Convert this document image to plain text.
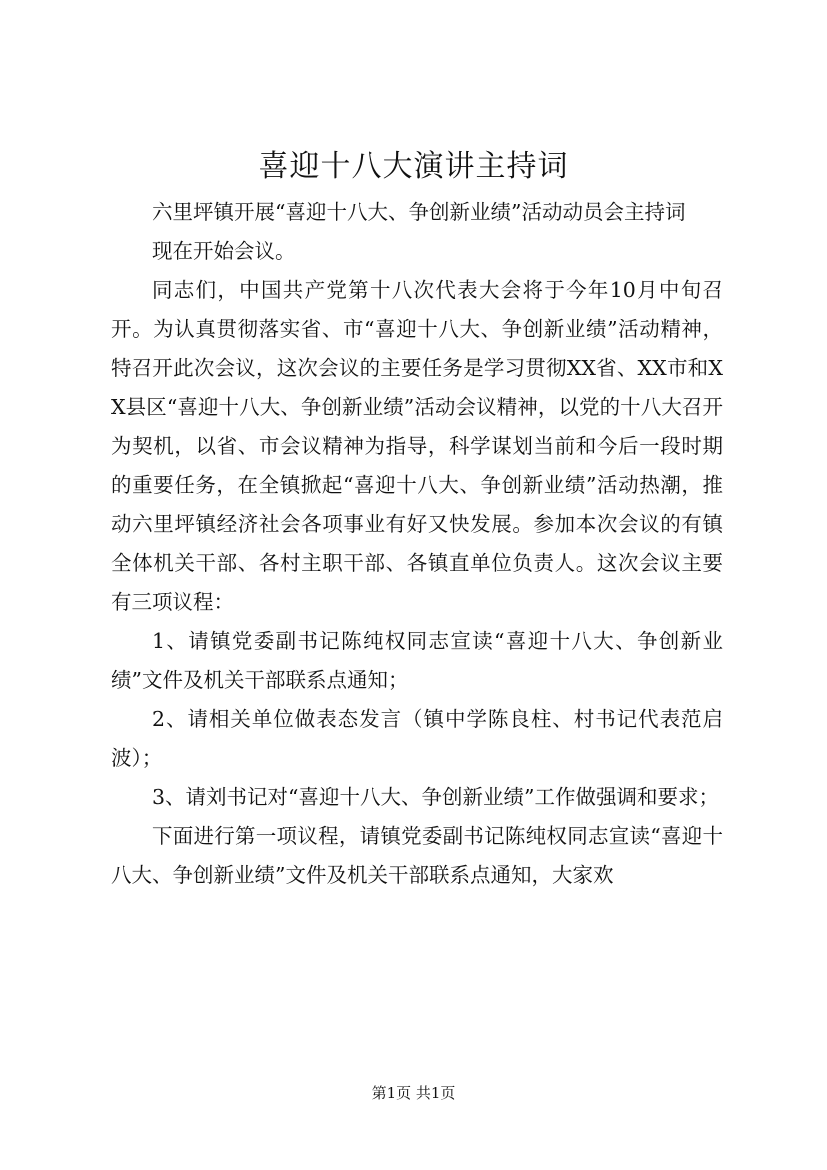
喜迎十八大演讲主持词

六里坪镇开展“喜迎十八大、争创新业绩”活动动员会主持词

现在开始会议。

同志们，中国共产党第十八次代表大会将于今年10月中旬召开。为认真贯彻落实省、市“喜迎十八大、争创新业绩”活动精神，特召开此次会议，这次会议的主要任务是学习贯彻XX省、XX市和XX县区“喜迎十八大、争创新业绩”活动会议精神，以党的十八大召开为契机，以省、市会议精神为指导，科学谋划当前和今后一段时期的重要任务，在全镇掀起“喜迎十八大、争创新业绩”活动热潮，推动六里坪镇经济社会各项事业有好又快发展。参加本次会议的有镇全体机关干部、各村主职干部、各镇直单位负责人。这次会议主要有三项议程：

1、请镇党委副书记陈纯权同志宣读“喜迎十八大、争创新业绩”文件及机关干部联系点通知；

2、请相关单位做表态发言（镇中学陈良柱、村书记代表范启波）；

3、请刘书记对“喜迎十八大、争创新业绩”工作做强调和要求；

下面进行第一项议程，请镇党委副书记陈纯权同志宣读“喜迎十八大、争创新业绩”文件及机关干部联系点通知，大家欢

第1页 共1页
